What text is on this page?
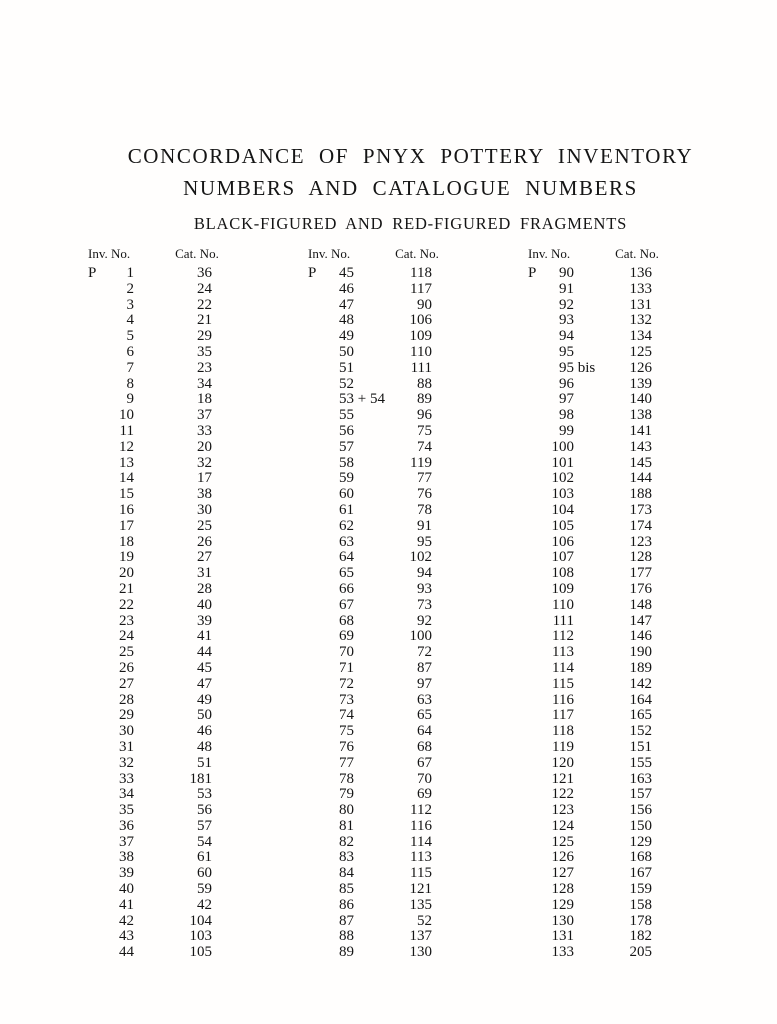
CONCORDANCE OF PNYX POTTERY INVENTORY
NUMBERS AND CATALOGUE NUMBERS
BLACK-FIGURED AND RED-FIGURED FRAGMENTS
Inv. No.	Cat. No.
P	1	36
2	24
3	22
4	21
5	29
6	35
7	23
8	34
9	18
10	37
11	33
12	20
13	32
14	17
15	38
16	30
17	25
18	26
19	27
20	31
21	28
22	40
23	39
24	41
25	44
26	45
27	47
28	49
29	50
30	46
31	48
32	51
33	181
34	53
35	56
36	57
37	54
38	61
39	60
40	59
41	42
42	104
43	103
44	105
Inv. No.	Cat. No.
P	45	118
46	117
47	90
48	106
49	109
50	110
51	111
52	88
53 + 54	89
55	96
56	75
57	74
58	119
59	77
60	76
61	78
62	91
63	95
64	102
65	94
66	93
67	73
68	92
69	100
70	72
71	87
72	97
73	63
74	65
75	64
76	68
77	67
78	70
79	69
80	112
81	116
82	114
83	113
84	115
85	121
86	135
87	52
88	137
89	130
Inv. No.	Cat. No.
P	90	136
91	133
92	131
93	132
94	134
95	125
95 bis	126
96	139
97	140
98	138
99	141
100	143
101	145
102	144
103	188
104	173
105	174
106	123
107	128
108	177
109	176
110	148
111	147
112	146
113	190
114	189
115	142
116	164
117	165
118	152
119	151
120	155
121	163
122	157
123	156
124	150
125	129
126	168
127	167
128	159
129	158
130	178
131	182
133	205
